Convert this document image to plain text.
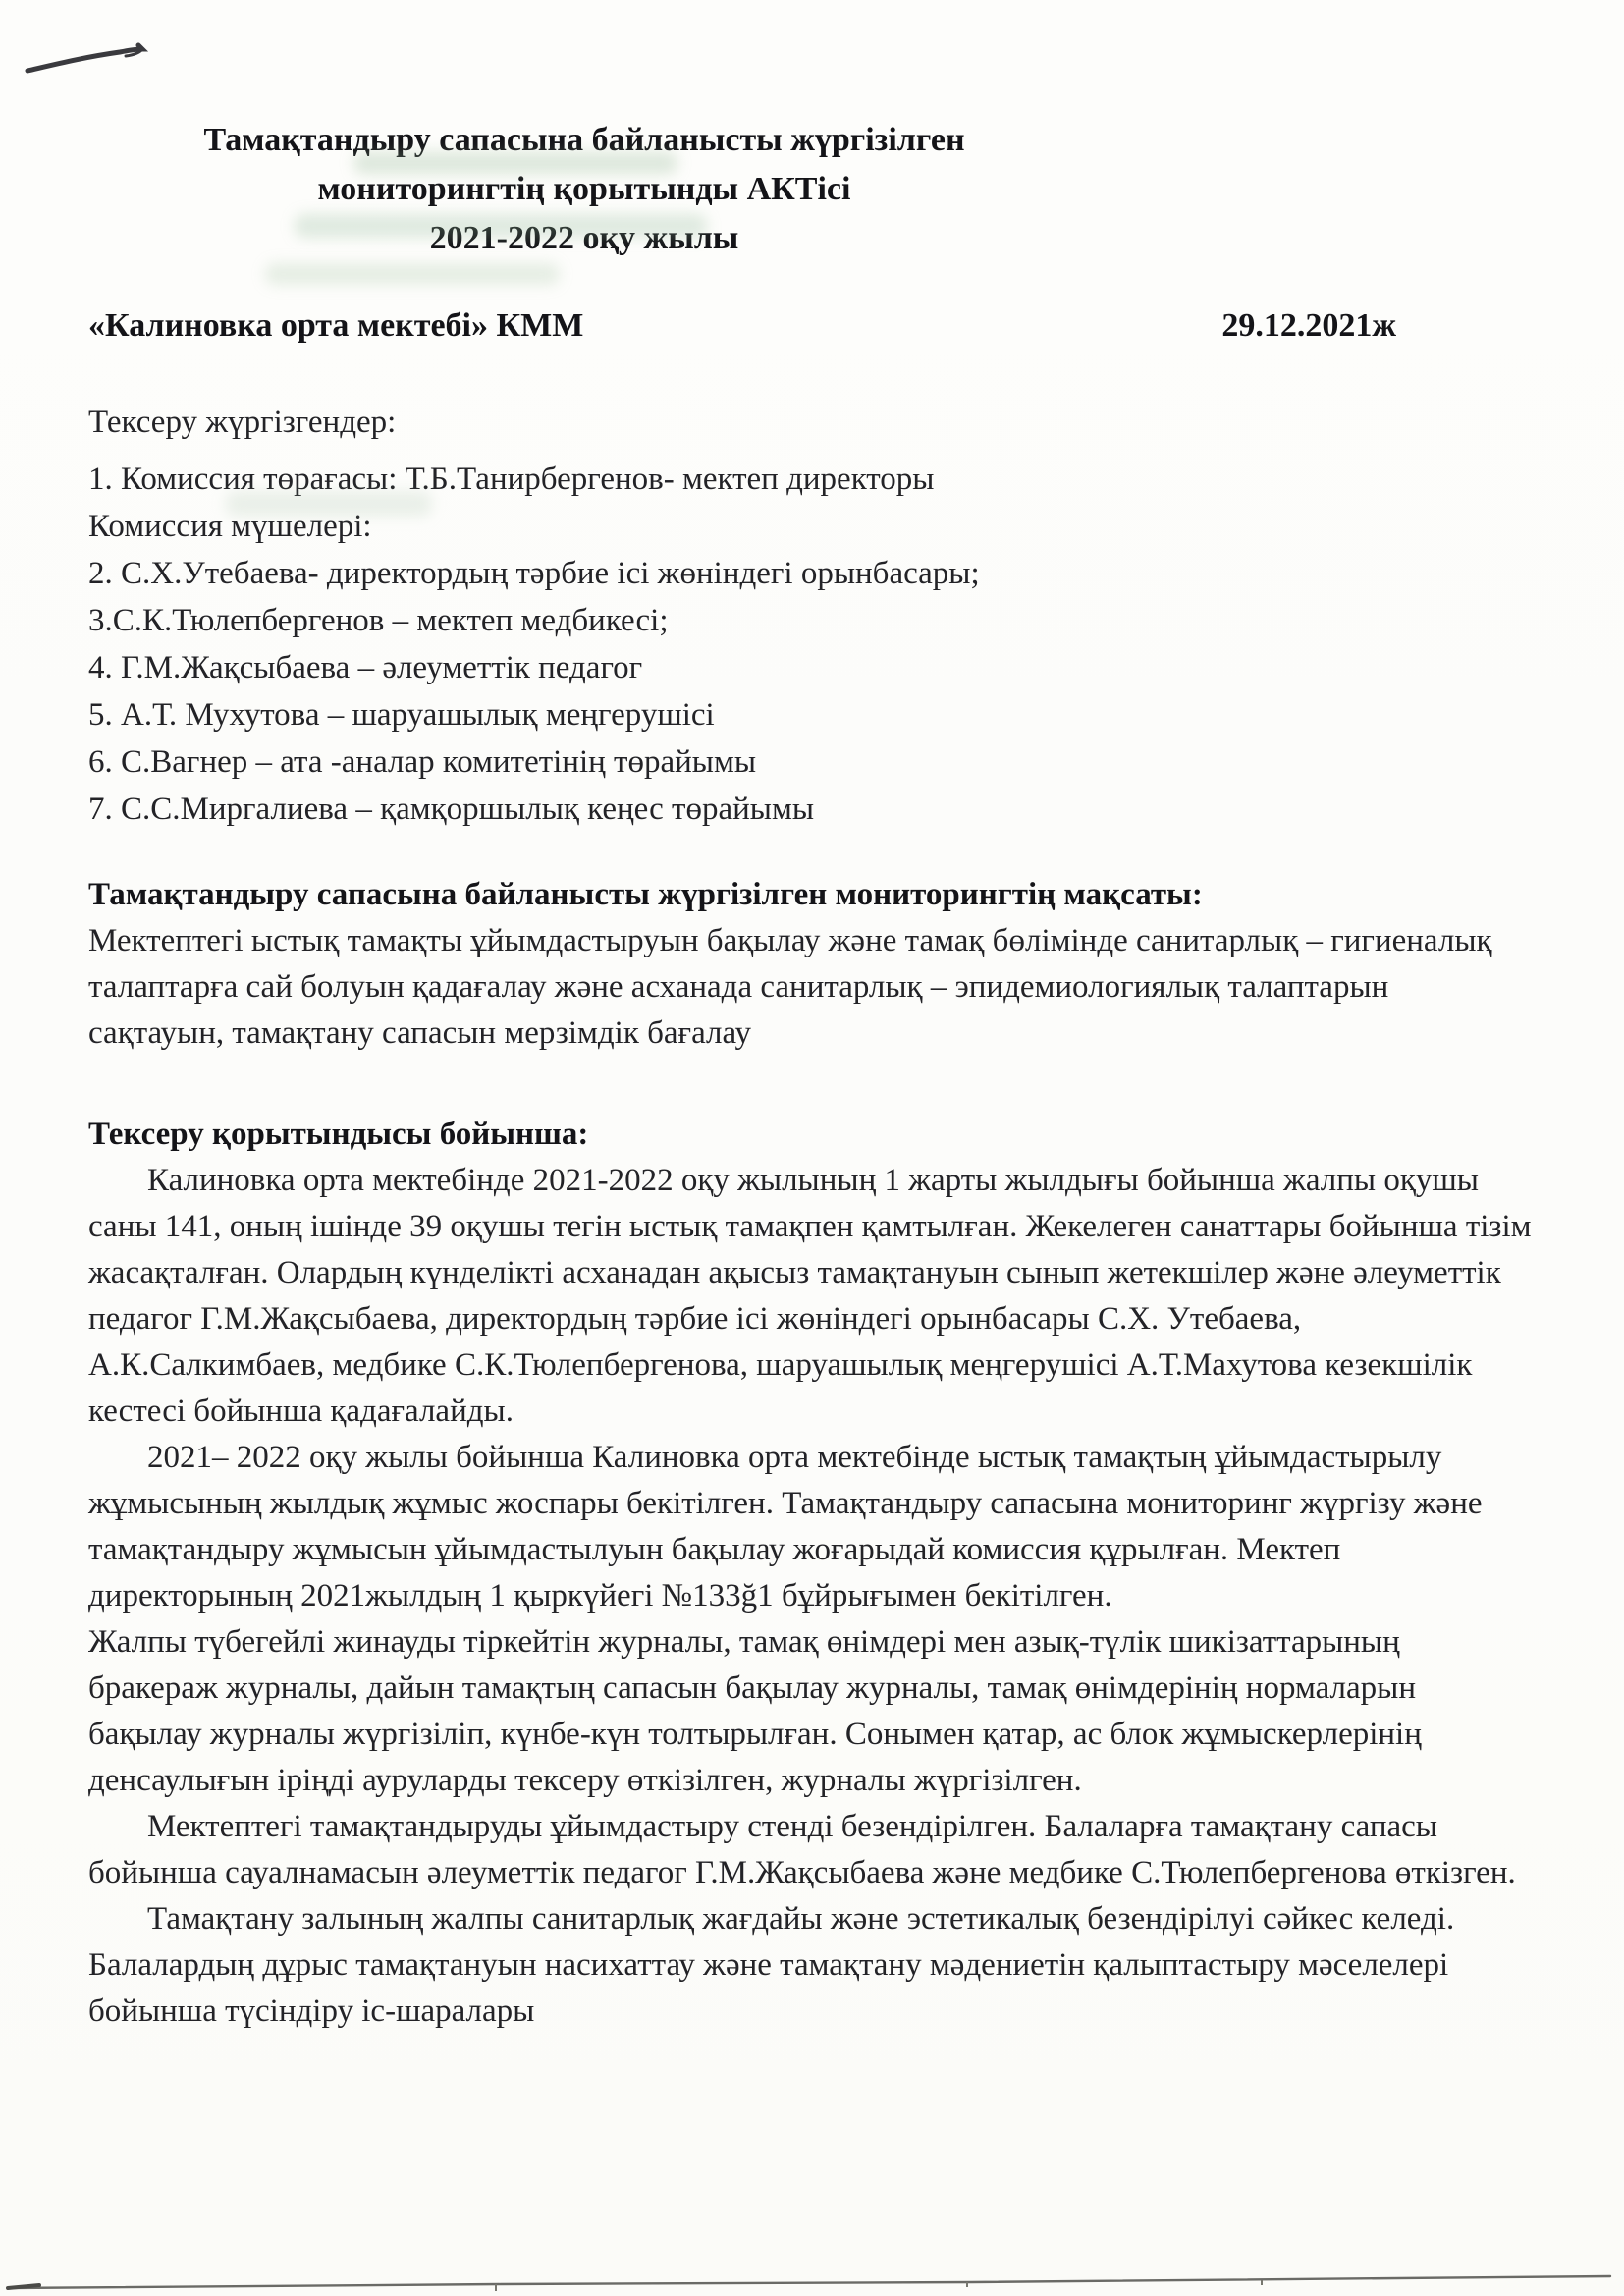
Тамақтандыру сапасына байланысты жүргізілген
мониторингтің қорытынды АКТісі
2021-2022 оқу жылы
«Калиновка орта мектебі» КММ	29.12.2021ж
Тексеру жүргізгендер:
1. Комиссия төрағасы: Т.Б.Танирбергенов- мектеп директоры
Комиссия мүшелері:
2. С.Х.Утебаева- директордың тәрбие ісі жөніндегі орынбасары;
3.С.К.Тюлепбергенов – мектеп медбикесі;
4. Г.М.Жақсыбаева – әлеуметтік педагог
5. А.Т. Мухутова – шаруашылық меңгерушісі
6. С.Вагнер – ата -аналар комитетінің төрайымы
7. С.С.Миргалиева – қамқоршылық кеңес төрайымы
Тамақтандыру сапасына байланысты жүргізілген мониторингтің мақсаты:

Мектептегі ыстық тамақты ұйымдастыруын бақылау және тамақ бөлімінде санитарлық – гигиеналық талаптарға сай болуын қадағалау және асханада санитарлық – эпидемиологиялық талаптарын сақтауын, тамақтану сапасын мерзімдік бағалау

Тексеру қорытындысы бойынша:

Калиновка орта мектебінде 2021-2022 оқу жылының 1 жарты жылдығы бойынша жалпы оқушы саны 141, оның ішінде 39 оқушы тегін ыстық тамақпен қамтылған. Жекелеген санаттары бойынша тізім жасақталған. Олардың күнделікті асханадан ақысыз тамақтануын сынып жетекшілер және әлеуметтік педагог Г.М.Жақсыбаева, директордың тәрбие ісі жөніндегі орынбасары С.Х. Утебаева, А.К.Салкимбаев, медбике С.К.Тюлепбергенова, шаруашылық меңгерушісі А.Т.Махутова кезекшілік кестесі бойынша қадағалайды.

2021– 2022 оқу жылы бойынша Калиновка орта мектебінде ыстық тамақтың ұйымдастырылу жұмысының жылдық жұмыс жоспары бекітілген. Тамақтандыру сапасына мониторинг жүргізу және тамақтандыру жұмысын ұйымдастылуын бақылау жоғарыдай комиссия құрылған. Мектеп директорының 2021жылдың 1 қыркүйегі №133ğ1 бұйрығымен бекітілген.

Жалпы түбегейлі жинауды тіркейтін журналы, тамақ өнімдері мен азық-түлік шикізаттарының бракераж журналы, дайын тамақтың сапасын бақылау журналы, тамақ өнімдерінің нормаларын бақылау журналы жүргізіліп, күнбе-күн толтырылған. Сонымен қатар, ас блок жұмыскерлерінің денсаулығын іріңді ауруларды тексеру өткізілген, журналы жүргізілген.

Мектептегі тамақтандыруды ұйымдастыру стенді безендірілген. Балаларға тамақтану сапасы бойынша сауалнамасын әлеуметтік педагог Г.М.Жақсыбаева және медбике С.Тюлепбергенова өткізген.

Тамақтану залының жалпы санитарлық жағдайы және эстетикалық безендірілуі сәйкес келеді. Балалардың дұрыс тамақтануын насихаттау және тамақтану мәдениетін қалыптастыру мәселелері бойынша түсіндіру іс-шаралары
